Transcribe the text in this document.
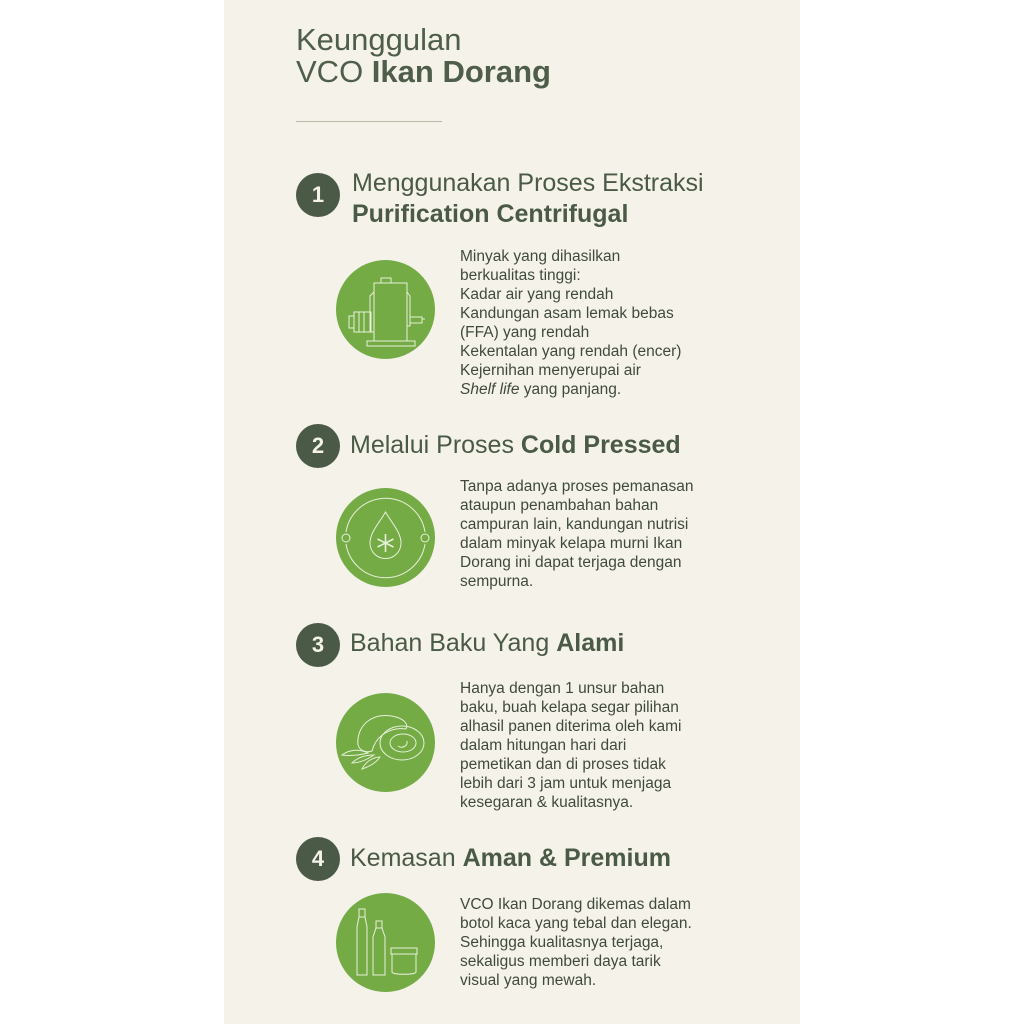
Keunggulan
VCO Ikan Dorang
1	Menggunakan Proses Ekstraksi
Purification Centrifugal
Minyak yang dihasilkan
berkualitas tinggi:
Kadar air yang rendah
Kandungan asam lemak bebas
(FFA) yang rendah
Kekentalan yang rendah (encer)
Kejernihan menyerupai air
Shelf life yang panjang.
2	Melalui Proses Cold Pressed
Tanpa adanya proses pemanasan
ataupun penambahan bahan
campuran lain, kandungan nutrisi
dalam minyak kelapa murni Ikan
Dorang ini dapat terjaga dengan
sempurna.
3	Bahan Baku Yang Alami
Hanya dengan 1 unsur bahan
baku, buah kelapa segar pilihan
alhasil panen diterima oleh kami
dalam hitungan hari dari
pemetikan dan di proses tidak
lebih dari 3 jam untuk menjaga
kesegaran & kualitasnya.
4	Kemasan Aman & Premium
VCO Ikan Dorang dikemas dalam
botol kaca yang tebal dan elegan.
Sehingga kualitasnya terjaga,
sekaligus memberi daya tarik
visual yang mewah.
